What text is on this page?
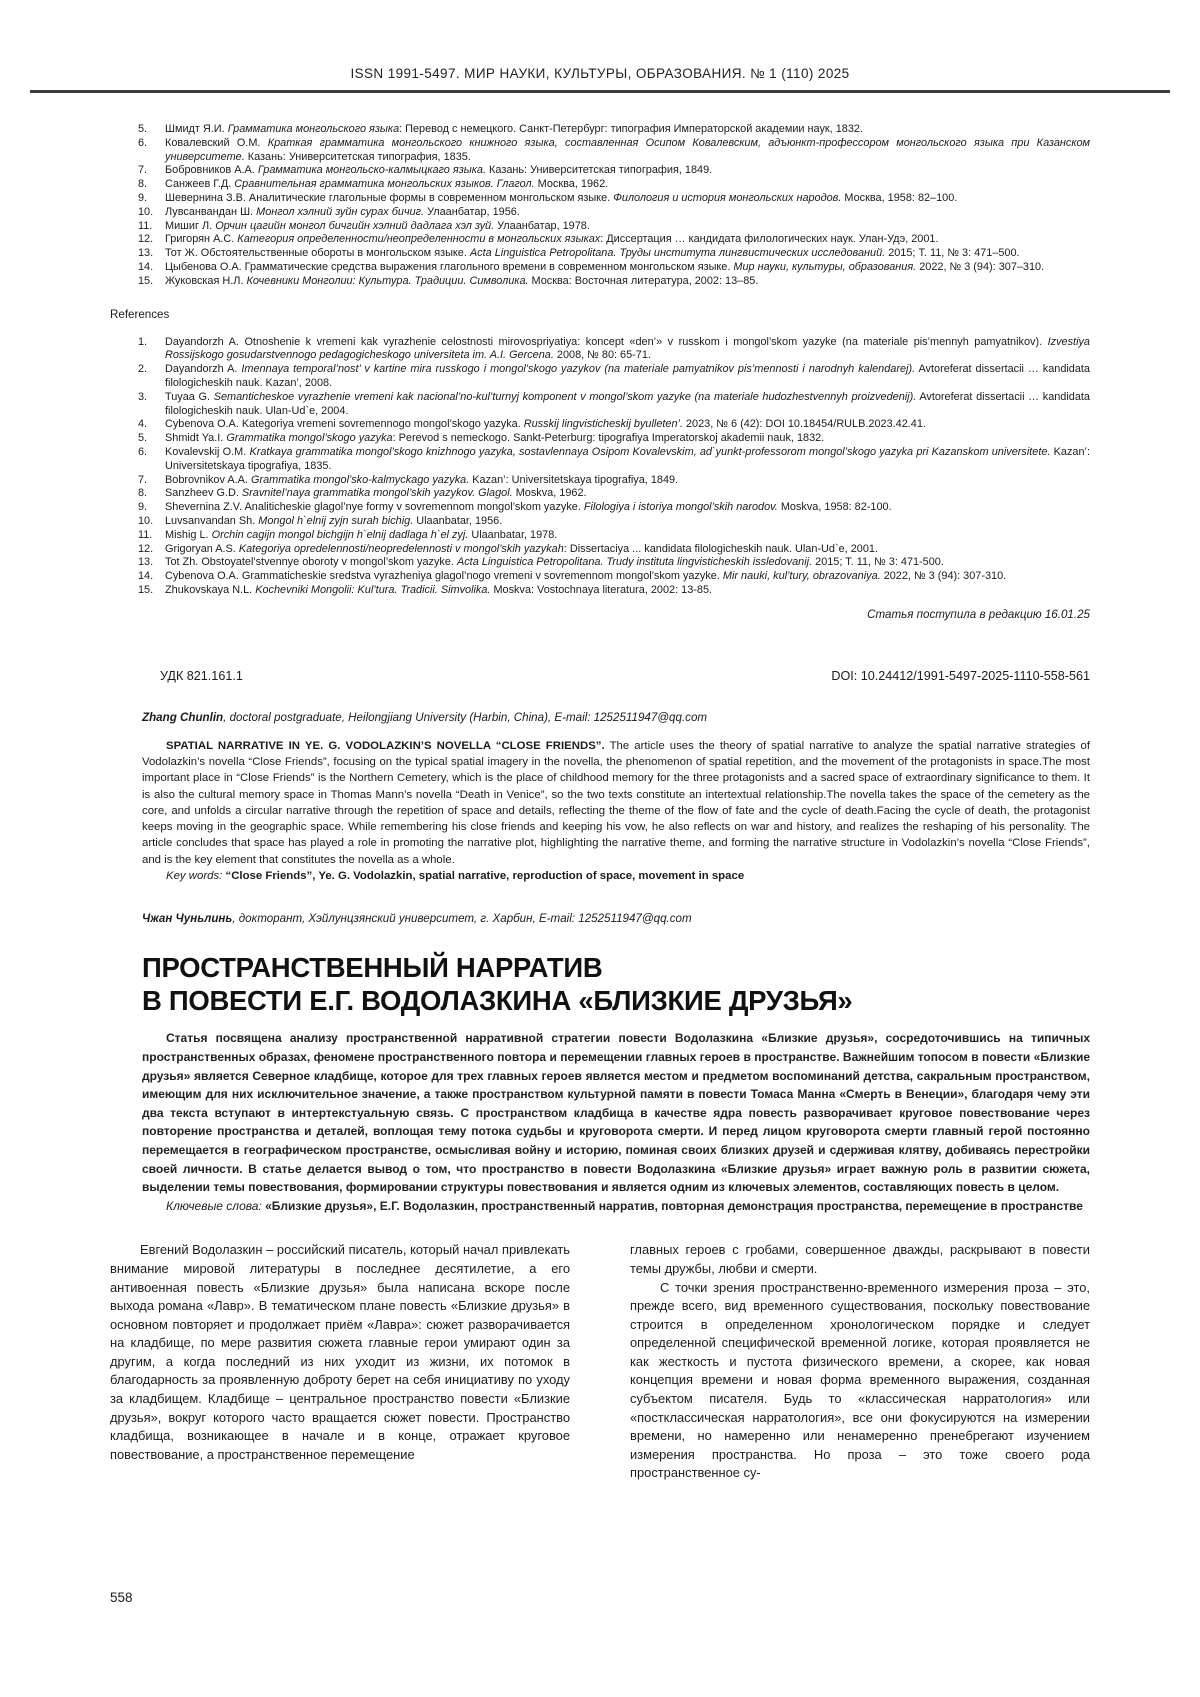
ISSN 1991-5497. МИР НАУКИ, КУЛЬТУРЫ, ОБРАЗОВАНИЯ. № 1 (110) 2025
5. Шмидт Я.И. Грамматика монгольского языка: Перевод с немецкого. Санкт-Петербург: типография Императорской академии наук, 1832.
6. Ковалевский О.М. Краткая грамматика монгольского книжного языка, составленная Осипом Ковалевским, адъюнкт-профессором монгольского языка при Казанском университете. Казань: Университетская типография, 1835.
7. Бобровников А.А. Грамматика монгольско-калмыцкаго языка. Казань: Университетская типография, 1849.
8. Санжеев Г.Д. Сравнительная грамматика монгольских языков. Глагол. Москва, 1962.
9. Шевернина З.В. Аналитические глагольные формы в современном монгольском языке. Филология и история монгольских народов. Москва, 1958: 82–100.
10. Лувсанвандан Ш. Монгол хэлний зуйн сурах бичиг. Улаанбатар, 1956.
11. Мишиг Л. Орчин цагийн монгол бичгийн хэлний дадлага хэл зуй. Улаанбатар, 1978.
12. Григорян А.С. Категория определенности/неопределенности в монгольских языках: Диссертация … кандидата филологических наук. Улан-Удэ, 2001.
13. Тот Ж. Обстоятельственные обороты в монгольском языке. Acta Linguistica Petropolitana. Труды института лингвистических исследований. 2015; Т. 11, № 3: 471–500.
14. Цыбенова О.А. Грамматические средства выражения глагольного времени в современном монгольском языке. Мир науки, культуры, образования. 2022, № 3 (94): 307–310.
15. Жуковская Н.Л. Кочевники Монголии: Культура. Традиции. Символика. Москва: Восточная литература, 2002: 13–85.
References
1. Dayandorzh A. Otnoshenie k vremeni kak vyrazhenie celostnosti mirovospriyatiya: koncept «den’» v russkom i mongol’skom yazyke (na materiale pis’mennyh pamyatnikov). Izvestiya Rossijskogo gosudarstvennogo pedagogicheskogo universiteta im. A.I. Gercena. 2008, № 80: 65-71.
2. Dayandorzh A. Imennaya temporal’nost’ v kartine mira russkogo i mongol’skogo yazykov (na materiale pamyatnikov pis’mennosti i narodnyh kalendarej). Avtoreferat dissertacii … kandidata filologicheskih nauk. Kazan’, 2008.
3. Tuyaa G. Semanticheskoe vyrazhenie vremeni kak nacional’no-kul’turnyj komponent v mongol’skom yazyke (na materiale hudozhestvennyh proizvedenij). Avtoreferat dissertacii … kandidata filologicheskih nauk. Ulan-Ud`e, 2004.
4. Cybenova O.A. Kategoriya vremeni sovremennogo mongol’skogo yazyka. Russkij lingvisticheskij byulleten’. 2023, № 6 (42): DOI 10.18454/RULB.2023.42.41.
5. Shmidt Ya.I. Grammatika mongol’skogo yazyka: Perevod s nemeckogo. Sankt-Peterburg: tipografiya Imperatorskoj akademii nauk, 1832.
6. Kovalevskij O.M. Kratkaya grammatika mongol’skogo knizhnogo yazyka, sostavlennaya Osipom Kovalevskim, ad`yunkt-professorom mongol’skogo yazyka pri Kazanskom universitete. Kazan’: Universitetskaya tipografiya, 1835.
7. Bobrovnikov A.A. Grammatika mongol’sko-kalmyckago yazyka. Kazan’: Universitetskaya tipografiya, 1849.
8. Sanzheev G.D. Sravnitel’naya grammatika mongol’skih yazykov. Glagol. Moskva, 1962.
9. Shevernina Z.V. Analiticheskie glagol’nye formy v sovremennom mongol’skom yazyke. Filologiya i istoriya mongol’skih narodov. Moskva, 1958: 82-100.
10. Luvsanvandan Sh. Mongol h`elnij zyjn surah bichig. Ulaanbatar, 1956.
11. Mishig L. Orchin cagijn mongol bichgijn h`elnij dadlaga h`el zyj. Ulaanbatar, 1978.
12. Grigoryan A.S. Kategoriya opredelennosti/neopredelennosti v mongol’skih yazykah: Dissertaciya ... kandidata filologicheskih nauk. Ulan-Ud`e, 2001.
13. Tot Zh. Obstoyatel’stvennye oboroty v mongol’skom yazyke. Acta Linguistica Petropolitana. Trudy instituta lingvisticheskih issledovanij. 2015; T. 11, № 3: 471-500.
14. Cybenova O.A. Grammaticheskie sredstva vyrazheniya glagol’nogo vremeni v sovremennom mongol’skom yazyke. Mir nauki, kul’tury, obrazovaniya. 2022, № 3 (94): 307-310.
15. Zhukovskaya N.L. Kochevniki Mongolii: Kul’tura. Tradicii. Simvolika. Moskva: Vostochnaya literatura, 2002: 13-85.
Статья поступила в редакцию 16.01.25
УДК 821.161.1	DOI: 10.24412/1991-5497-2025-1110-558-561

Zhang Chunlin, doctoral postgraduate, Heilongjiang University (Harbin, China), E-mail: 1252511947@qq.com

SPATIAL NARRATIVE IN YE. G. VODOLAZKIN’S NOVELLA “CLOSE FRIENDS”. The article uses the theory of spatial narrative to analyze the spatial narrative strategies of Vodolazkin’s novella “Close Friends”, focusing on the typical spatial imagery in the novella, the phenomenon of spatial repetition, and the movement of the protagonists in space.The most important place in “Close Friends” is the Northern Cemetery, which is the place of childhood memory for the three protagonists and a sacred space of extraordinary significance to them. It is also the cultural memory space in Thomas Mann’s novella “Death in Venice”, so the two texts constitute an intertextual relationship.The novella takes the space of the cemetery as the core, and unfolds a circular narrative through the repetition of space and details, reflecting the theme of the flow of fate and the cycle of death.Facing the cycle of death, the protagonist keeps moving in the geographic space. While remembering his close friends and keeping his vow, he also reflects on war and history, and realizes the reshaping of his personality. The article concludes that space has played a role in promoting the narrative plot, highlighting the narrative theme, and forming the narrative structure in Vodolazkin’s novella “Close Friends”, and is the key element that constitutes the novella as a whole.

Key words: “Close Friends”, Ye. G. Vodolazkin, spatial narrative, reproduction of space, movement in space

Чжан Чуньлинь, докторант, Хэйлунцзянский университет, г. Харбин, E-mail: 1252511947@qq.com

ПРОСТРАНСТВЕННЫЙ НАРРАТИВ
В ПОВЕСТИ Е.Г. ВОДОЛАЗКИНА «БЛИЗКИЕ ДРУЗЬЯ»

Статья посвящена анализу пространственной нарративной стратегии повести Водолазкина «Близкие друзья», сосредоточившись на типичных пространственных образах, феномене пространственного повтора и перемещении главных героев в пространстве. Важнейшим топосом в повести «Близкие друзья» является Северное кладбище, которое для трех главных героев является местом и предметом воспоминаний детства, сакральным пространством, имеющим для них исключительное значение, а также пространством культурной памяти в повести Томаса Манна «Смерть в Венеции», благодаря чему эти два текста вступают в интертекстуальную связь. С пространством кладбища в качестве ядра повесть разворачивает круговое повествование через повторение пространства и деталей, воплощая тему потока судьбы и круговорота смерти. И перед лицом круговорота смерти главный герой постоянно перемещается в географическом пространстве, осмысливая войну и историю, поминая своих близких друзей и сдерживая клятву, добиваясь перестройки своей личности. В статье делается вывод о том, что пространство в повести Водолазкина «Близкие друзья» играет важную роль в развитии сюжета, выделении темы повествования, формировании структуры повествования и является одним из ключевых элементов, составляющих повесть в целом.

Ключевые слова: «Близкие друзья», Е.Г. Водолазкин, пространственный нарратив, повторная демонстрация пространства, перемещение в пространстве

Евгений Водолазкин – российский писатель, который начал привлекать внимание мировой литературы в последнее десятилетие, а его антивоенная повесть «Близкие друзья» была написана вскоре после выхода романа «Лавр». В тематическом плане повесть «Близкие друзья» в основном повторяет и продолжает приём «Лавра»: сюжет разворачивается на кладбище, по мере развития сюжета главные герои умирают один за другим, а когда последний из них уходит из жизни, их потомок в благодарность за проявленную доброту берет на себя инициативу по уходу за кладбищем. Кладбище – центральное пространство повести «Близкие друзья», вокруг которого часто вращается сюжет повести. Пространство кладбища, возникающее в начале и в конце, отражает круговое повествование, а пространственное перемещение

главных героев с гробами, совершенное дважды, раскрывают в повести темы дружбы, любви и смерти.

С точки зрения пространственно-временного измерения проза – это, прежде всего, вид временного существования, поскольку повествование строится в определенном хронологическом порядке и следует определенной специфической временной логике, которая проявляется не как жесткость и пустота физического времени, а скорее, как новая концепция времени и новая форма временного выражения, созданная субъектом писателя. Будь то «классическая нарратология» или «постклассическая нарратология», все они фокусируются на измерении времени, но намеренно или ненамеренно пренебрегают изучением измерения пространства. Но проза – это тоже своего рода пространственное су-

558
